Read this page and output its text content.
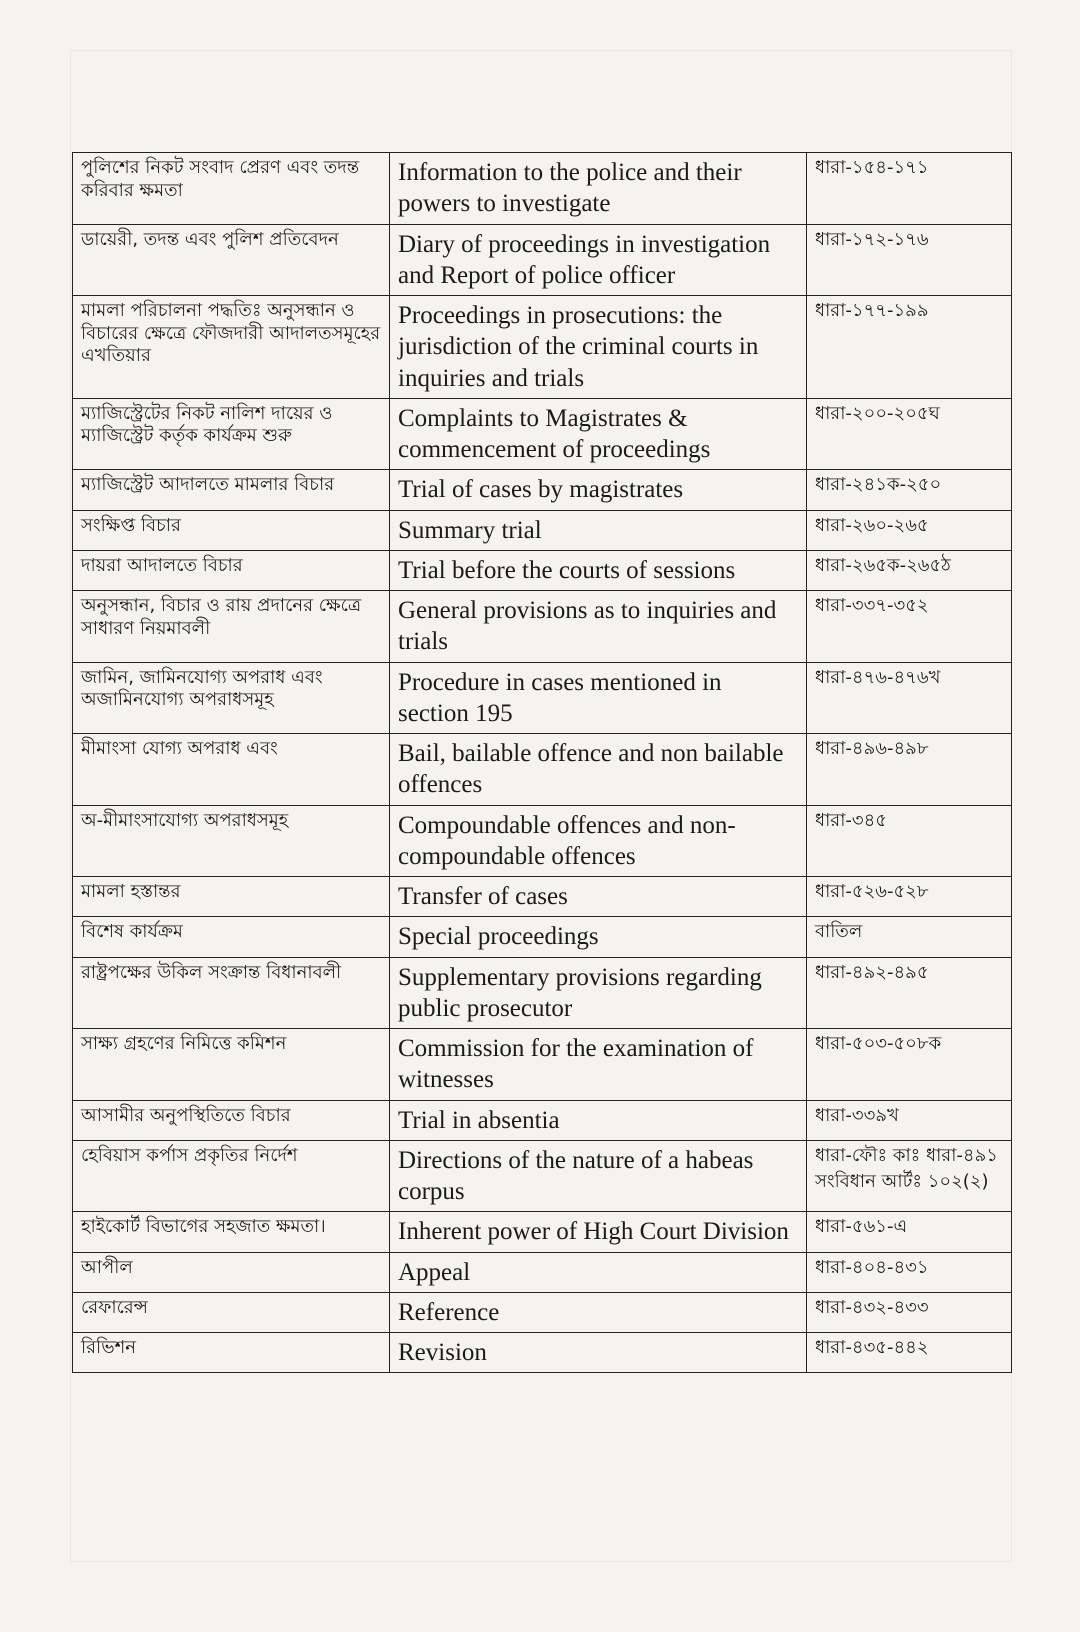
পুলিশের নিকট সংবাদ প্রেরণ এবং তদন্ত করিবার ক্ষমতা	Information to the police and their powers to investigate	ধারা-১৫৪-১৭১

ডায়েরী, তদন্ত এবং পুলিশ প্রতিবেদন	Diary of proceedings in investigation and Report of police officer	ধারা-১৭২-১৭৬

মামলা পরিচালনা পদ্ধতিঃ অনুসন্ধান ও বিচারের ক্ষেত্রে ফৌজদারী আদালতসমূহের এখতিয়ার	Proceedings in prosecutions: the jurisdiction of the criminal courts in inquiries and trials	ধারা-১৭৭-১৯৯

ম্যাজিস্ট্রেটের নিকট নালিশ দায়ের ও ম্যাজিস্ট্রেট কর্তৃক কার্যক্রম শুরু	Complaints to Magistrates & commencement of proceedings	ধারা-২০০-২০৫ঘ

ম্যাজিস্ট্রেট আদালতে মামলার বিচার	Trial of cases by magistrates	ধারা-২৪১ক-২৫০

সংক্ষিপ্ত বিচার	Summary trial	ধারা-২৬০-২৬৫

দায়রা আদালতে বিচার	Trial before the courts of sessions	ধারা-২৬৫ক-২৬৫ঠ

অনুসন্ধান, বিচার ও রায় প্রদানের ক্ষেত্রে সাধারণ নিয়মাবলী	General provisions as to inquiries and trials	ধারা-৩৩৭-৩৫২

জামিন, জামিনযোগ্য অপরাধ এবং অজামিনযোগ্য অপরাধসমূহ	Procedure in cases mentioned in section 195	ধারা-৪৭৬-৪৭৬খ

মীমাংসা যোগ্য অপরাধ এবং	Bail, bailable offence and non bailable offences	ধারা-৪৯৬-৪৯৮

অ-মীমাংসাযোগ্য অপরাধসমূহ	Compoundable offences and non-compoundable offences	ধারা-৩৪৫

মামলা হস্তান্তর	Transfer of cases	ধারা-৫২৬-৫২৮

বিশেষ কার্যক্রম	Special proceedings	বাতিল

রাষ্ট্রপক্ষের উকিল সংক্রান্ত বিধানাবলী	Supplementary provisions regarding public prosecutor	ধারা-৪৯২-৪৯৫

সাক্ষ্য গ্রহণের নিমিত্তে কমিশন	Commission for the examination of witnesses	ধারা-৫০৩-৫০৮ক

আসামীর অনুপস্থিতিতে বিচার	Trial in absentia	ধারা-৩৩৯খ

হেবিয়াস কর্পাস প্রকৃতির নির্দেশ	Directions of the nature of a habeas corpus	ধারা-ফৌঃ কাঃ ধারা-৪৯১
সংবিধান আর্টঃ ১০২(২)

হাইকোর্ট বিভাগের সহজাত ক্ষমতা।	Inherent power of High Court Division	ধারা-৫৬১-এ

আপীল	Appeal	ধারা-৪০৪-৪৩১

রেফারেন্স	Reference	ধারা-৪৩২-৪৩৩

রিভিশন	Revision	ধারা-৪৩৫-৪৪২
